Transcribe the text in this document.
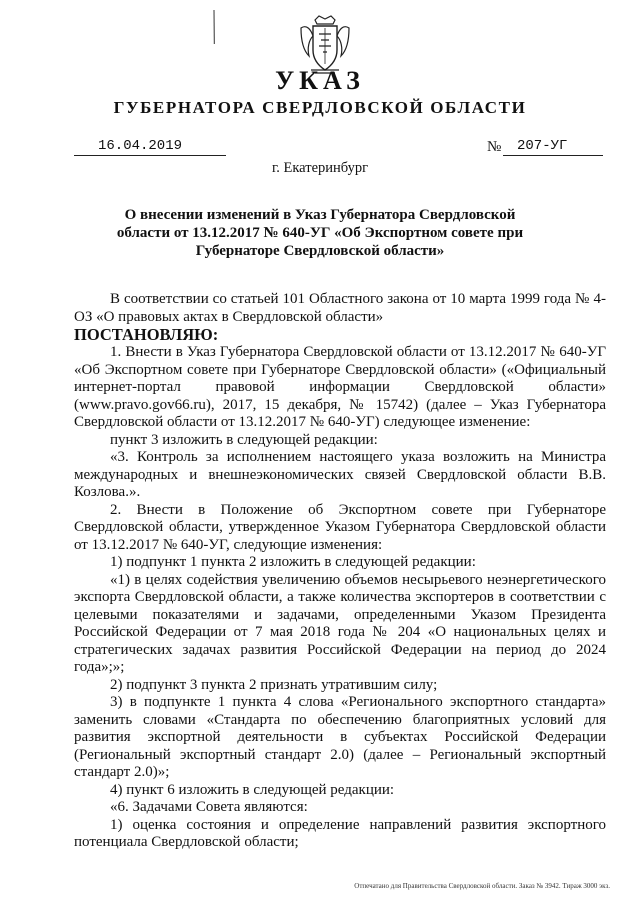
УКАЗ
ГУБЕРНАТОРА СВЕРДЛОВСКОЙ ОБЛАСТИ
16.04.2019	№ 207-УГ
г. Екатеринбург
О внесении изменений в Указ Губернатора Свердловской области от 13.12.2017 № 640-УГ «Об Экспортном совете при Губернаторе Свердловской области»

В соответствии со статьей 101 Областного закона от 10 марта 1999 года № 4-ОЗ «О правовых актах в Свердловской области»

ПОСТАНОВЛЯЮ:

1. Внести в Указ Губернатора Свердловской области от 13.12.2017 № 640-УГ «Об Экспортном совете при Губернаторе Свердловской области» («Официальный интернет-портал правовой информации Свердловской области» (www.pravo.gov66.ru), 2017, 15 декабря, № 15742) (далее – Указ Губернатора Свердловской области от 13.12.2017 № 640-УГ) следующее изменение:

пункт 3 изложить в следующей редакции:

«3. Контроль за исполнением настоящего указа возложить на Министра международных и внешнеэкономических связей Свердловской области В.В. Козлова.».

2. Внести в Положение об Экспортном совете при Губернаторе Свердловской области, утвержденное Указом Губернатора Свердловской области от 13.12.2017 № 640-УГ, следующие изменения:

1) подпункт 1 пункта 2 изложить в следующей редакции:

«1) в целях содействия увеличению объемов несырьевого неэнергетического экспорта Свердловской области, а также количества экспортеров в соответствии с целевыми показателями и задачами, определенными Указом Президента Российской Федерации от 7 мая 2018 года № 204 «О национальных целях и стратегических задачах развития Российской Федерации на период до 2024 года»;»;

2) подпункт 3 пункта 2 признать утратившим силу;

3) в подпункте 1 пункта 4 слова «Регионального экспортного стандарта» заменить словами «Стандарта по обеспечению благоприятных условий для развития экспортной деятельности в субъектах Российской Федерации (Региональный экспортный стандарт 2.0) (далее – Региональный экспортный стандарт 2.0)»;

4) пункт 6 изложить в следующей редакции:

«6. Задачами Совета являются:

1) оценка состояния и определение направлений развития экспортного потенциала Свердловской области;

Отпечатано для Правительства Свердловской области. Заказ № 3942. Тираж 3000 экз.
